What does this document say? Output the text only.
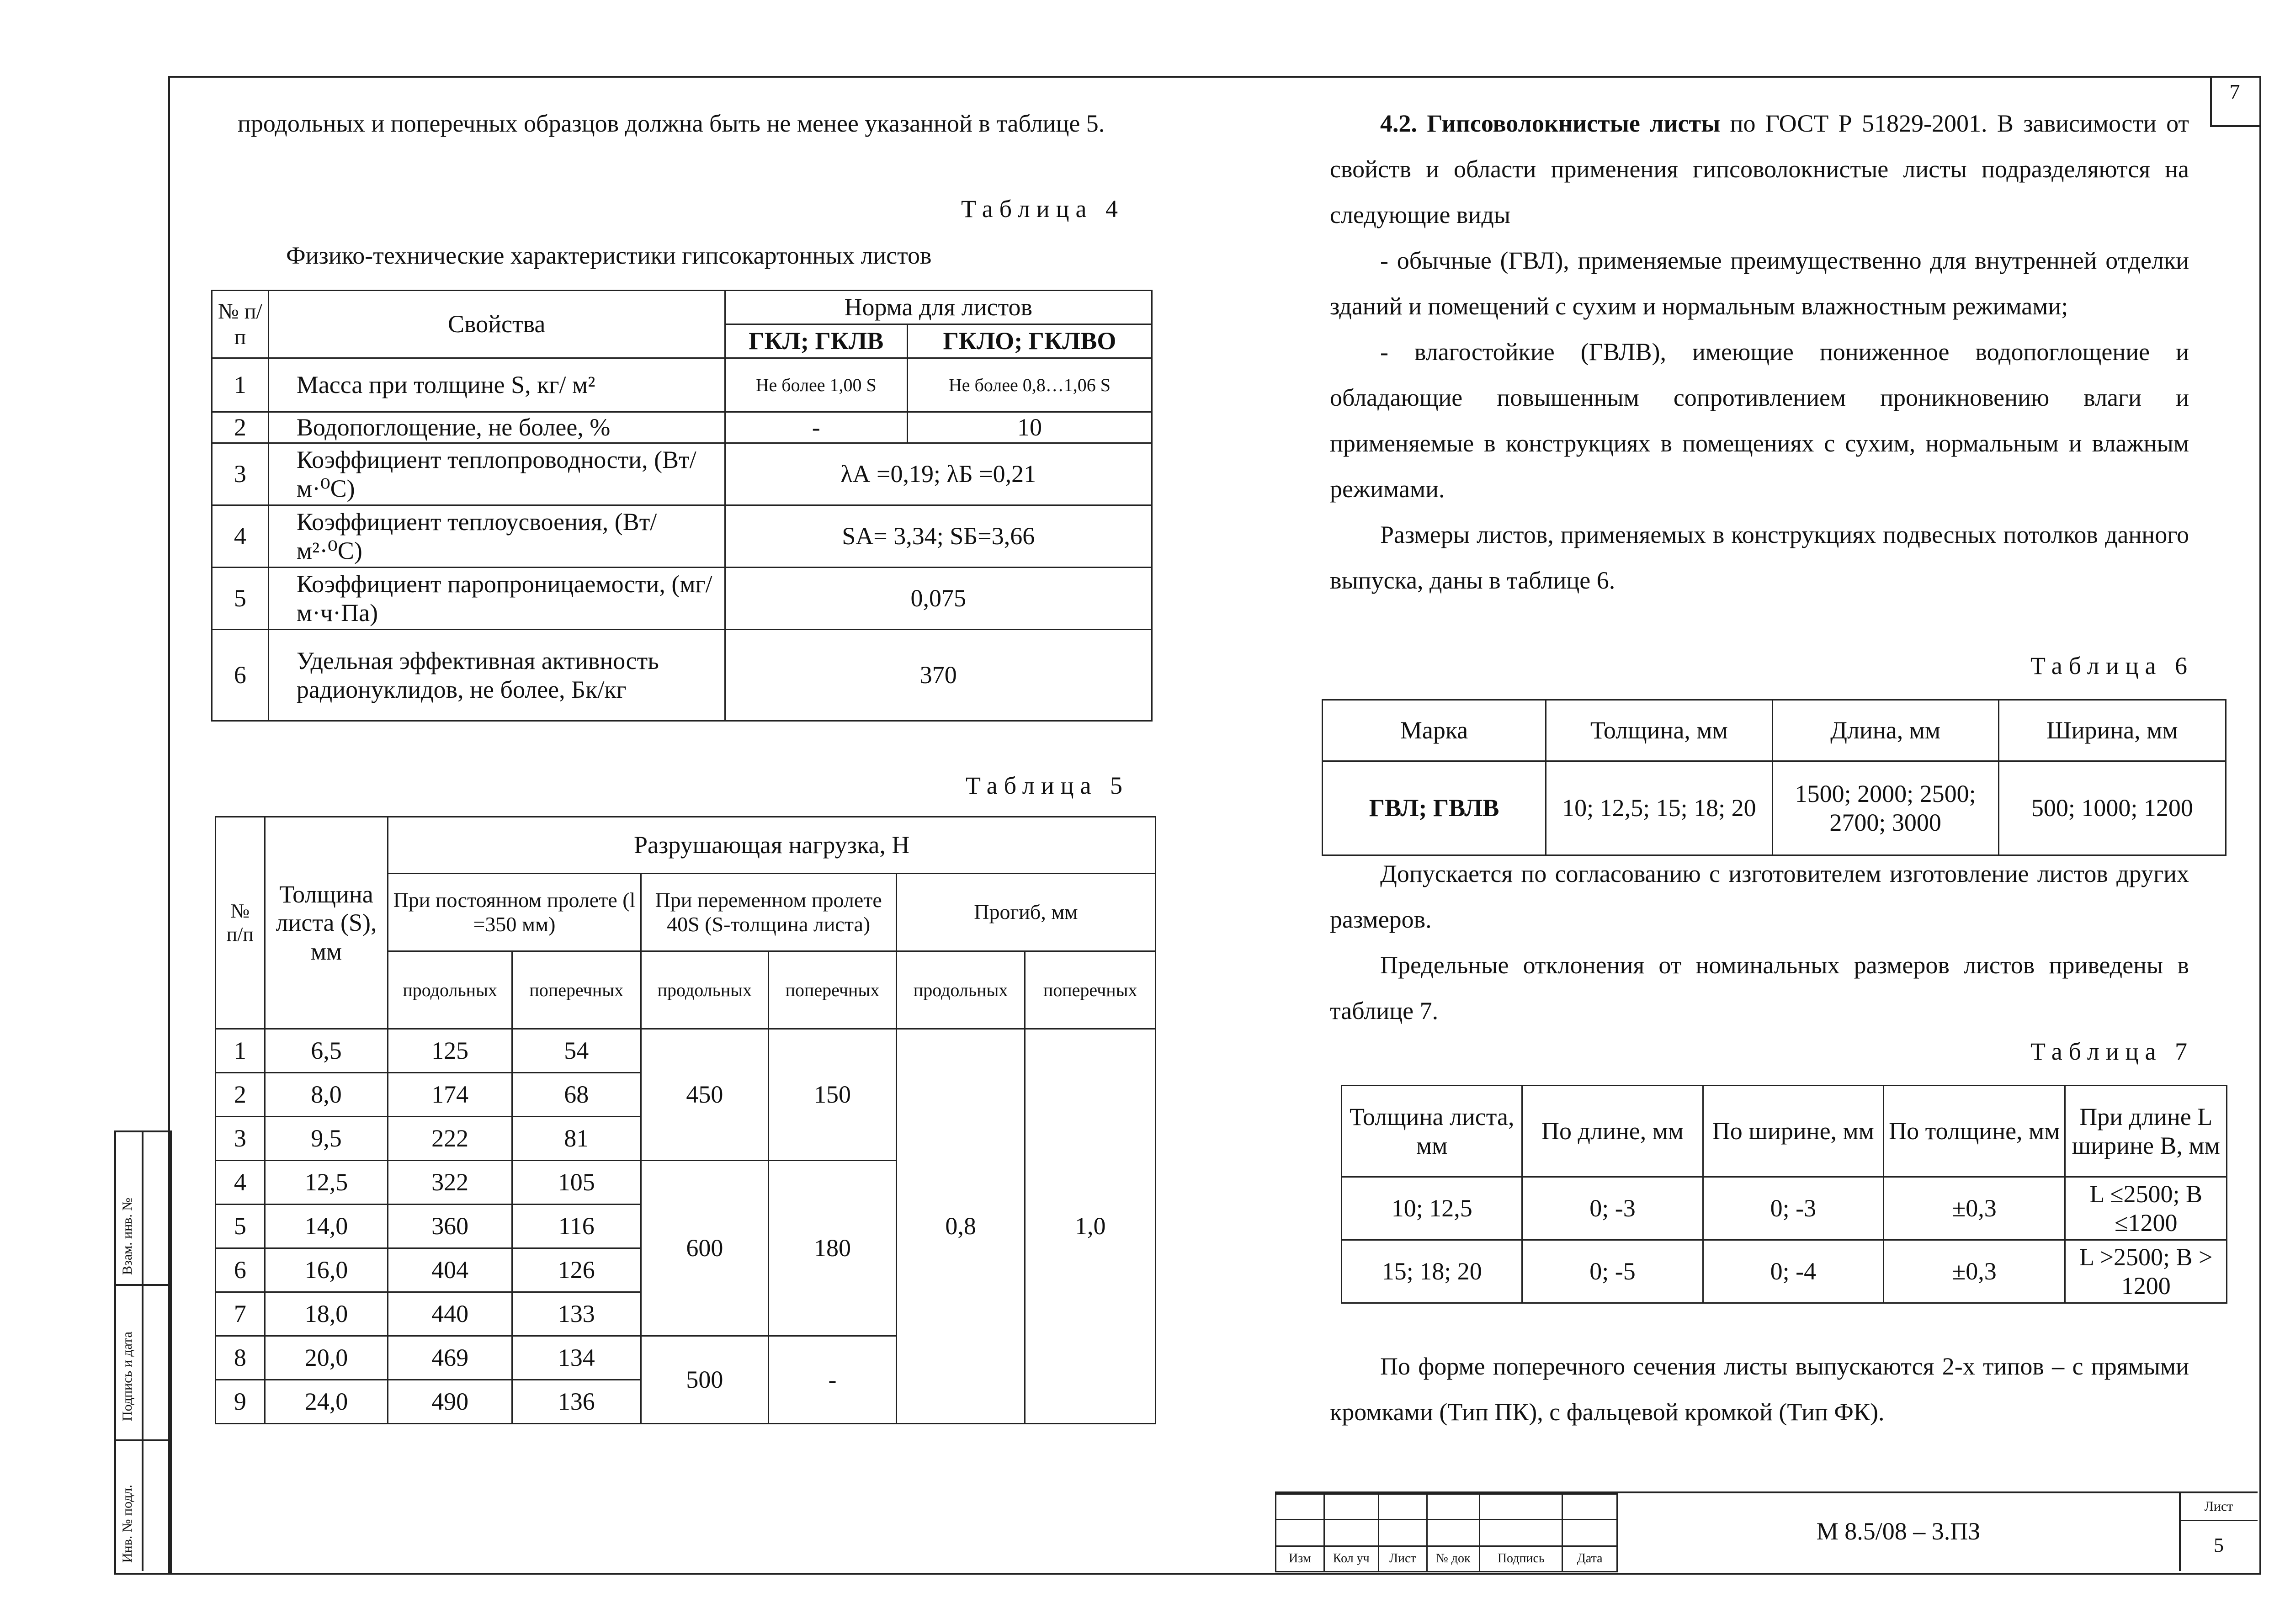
7
Взам. инв. №
Подпись и дата
Инв. № подл.

продольных и поперечных образцов должна быть не менее указанной в таблице 5.

Таблица 4
Физико-технические характеристики гипсокартонных листов
№ п/п	Свойства	Норма для листов	
		ГКЛ; ГКЛВ	ГКЛО; ГКЛВО
1	Масса при толщине S, кг/ м²	Не более 1,00 S	Не более 0,8…1,06 S
2	Водопоглощение, не более, %	-	10
3	Коэффициент теплопроводности, (Вт/м·⁰С)	λА =0,19; λБ =0,21	
4	Коэффициент теплоусвоения, (Вт/м²·⁰С)	SА= 3,34; SБ=3,66	
5	Коэффициент паропроницаемости, (мг/м·ч·Па)	0,075	
6	Удельная эффективная активность радионуклидов, не более, Бк/кг	370	
Таблица 5
№ п/п	Толщина листа (S), мм	Разрушающая нагрузка, Н					
		При постоянном пролете (l =350 мм)		При переменном пролете 40S (S-толщина листа)		Прогиб, мм	
		продольных	поперечных	продольных	поперечных	продольных	поперечных
1	6,5	125	54	450	150	0,8	1,0
2	8,0	174	68				
3	9,5	222	81				
4	12,5	322	105	600	180		
5	14,0	360	116				
6	16,0	404	126				
7	18,0	440	133				
8	20,0	469	134	500	-		
9	24,0	490	136				

4.2. Гипсоволокнистые листы по ГОСТ Р 51829-2001. В зависимости от свойств и области применения гипсоволокнистые листы подразделяются на следующие виды

- обычные (ГВЛ), применяемые преимущественно для внутренней отделки зданий и помещений с сухим и нормальным влажностным режимами;

- влагостойкие (ГВЛВ), имеющие пониженное водопоглощение и обладающие повышенным сопротивлением проникновению влаги и применяемые в конструкциях в помещениях с сухим, нормальным и влажным режимами.

Размеры листов, применяемых в конструкциях подвесных потолков данного выпуска, даны в таблице 6.

Таблица 6
Марка	Толщина, мм	Длина, мм	Ширина, мм
ГВЛ; ГВЛВ	10; 12,5; 15; 18; 20	1500; 2000; 2500; 2700; 3000	500; 1000; 1200

Допускается по согласованию с изготовителем изготовление листов других размеров.

Предельные отклонения от номинальных размеров листов приведены в таблице 7.

Таблица 7
Толщина листа, мм	По длине, мм	По ширине, мм	По толщине, мм	При длине L ширине В, мм
10; 12,5	0; -3	0; -3	±0,3	L ≤2500; В ≤1200
15; 18; 20	0; -5	0; -4	±0,3	L >2500; В > 1200

По форме поперечного сечения листы выпускаются 2-х типов – с прямыми кромками (Тип ПК), с фальцевой кромкой (Тип ФК).

Изм	Кол уч	Лист	№ док	Подпись	Дата
М 8.5/08 – 3.ПЗ
Лист
5
